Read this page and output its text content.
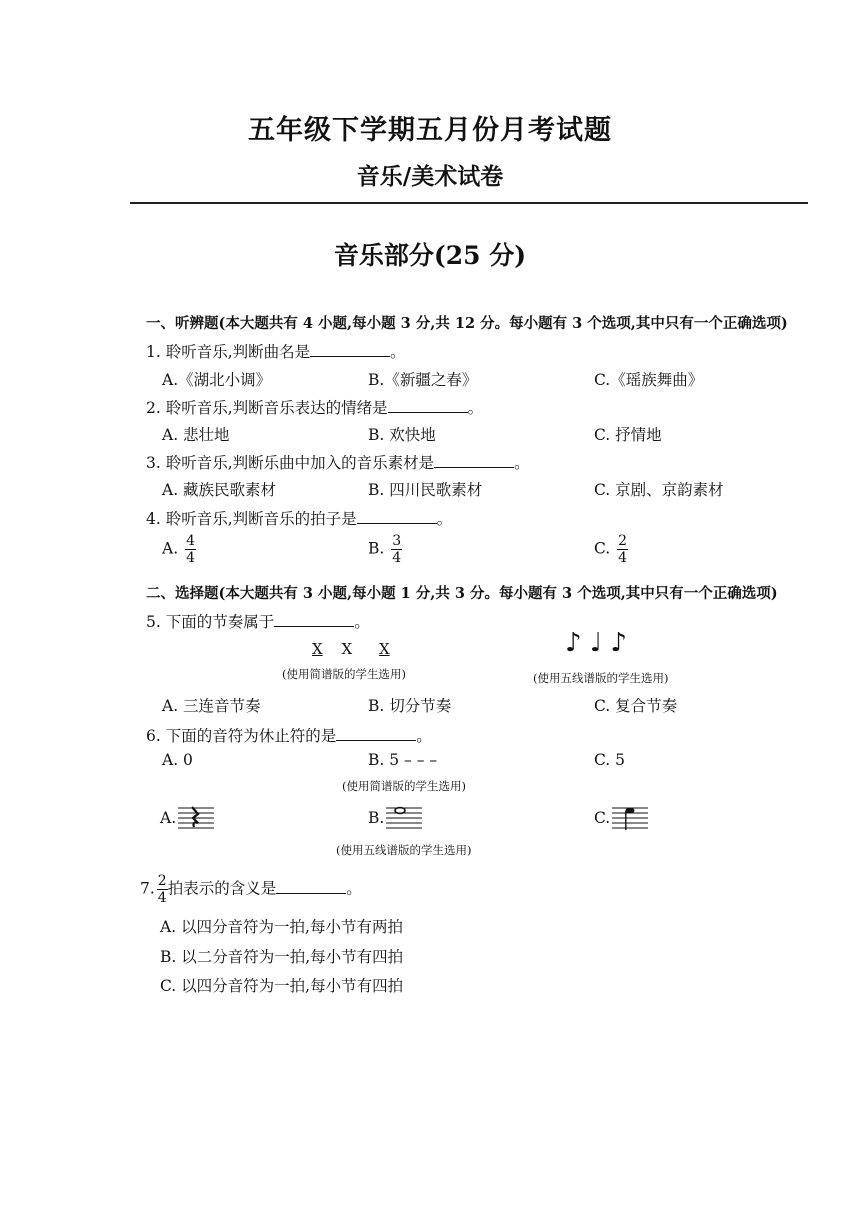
五年级下学期五月份月考试题
音乐/美术试卷
音乐部分(25 分)
一、听辨题(本大题共有 4 小题,每小题 3 分,共 12 分。每小题有 3 个选项,其中只有一个正确选项)
1. 聆听音乐,判断曲名是	。
A.《湖北小调》	B.《新疆之春》	C.《瑶族舞曲》
2. 聆听音乐,判断音乐表达的情绪是	。
A. 悲壮地	B. 欢快地	C. 抒情地
3. 聆听音乐,判断乐曲中加入的音乐素材是	。
A. 藏族民歌素材	B. 四川民歌素材	C. 京剧、京韵素材
4. 聆听音乐,判断音乐的拍子是	。
A. $\frac{4}{4}$	B. $\frac{3}{4}$	C. $\frac{2}{4}$
二、选择题(本大题共有 3 小题,每小题 1 分,共 3 分。每小题有 3 个选项,其中只有一个正确选项)
5. 下面的节奏属于	。
X X X
(使用简谱版的学生选用)
♪ ♩ ♪
(使用五线谱版的学生选用)
A. 三连音节奏	B. 切分节奏	C. 复合节奏
6. 下面的音符为休止符的是	。
A. 0	B. 5 – – –	C. 5
(使用简谱版的学生选用)
A.	B.	C.
(使用五线谱版的学生选用)
7. $\frac{2}{4}$ 拍表示的含义是	。
A. 以四分音符为一拍,每小节有两拍
B. 以二分音符为一拍,每小节有四拍
C. 以四分音符为一拍,每小节有四拍
